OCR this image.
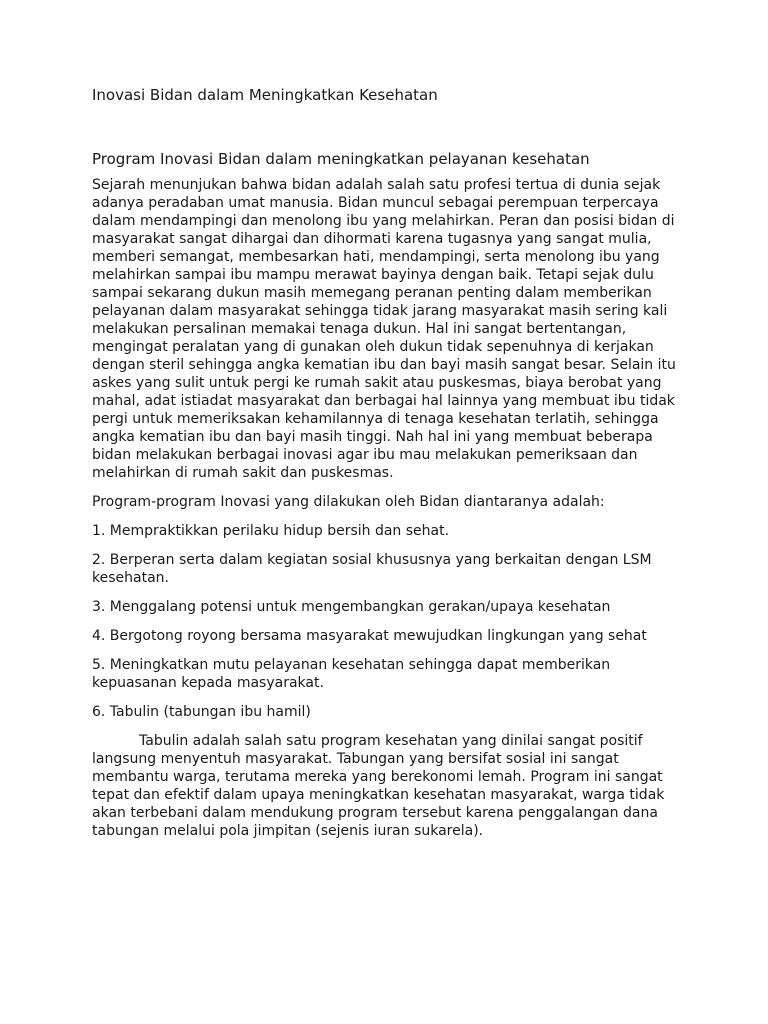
Inovasi Bidan dalam Meningkatkan Kesehatan
Program Inovasi Bidan dalam meningkatkan pelayanan kesehatan

Sejarah menunjukan bahwa bidan adalah salah satu profesi tertua di dunia sejak adanya peradaban umat manusia. Bidan muncul sebagai perempuan terpercaya dalam mendampingi dan menolong ibu yang melahirkan. Peran dan posisi bidan di masyarakat sangat dihargai dan dihormati karena tugasnya yang sangat mulia, memberi semangat, membesarkan hati, mendampingi, serta menolong ibu yang melahirkan sampai ibu mampu merawat bayinya dengan baik. Tetapi sejak dulu sampai sekarang dukun masih memegang peranan penting dalam memberikan pelayanan dalam masyarakat sehingga tidak jarang masyarakat masih sering kali melakukan persalinan memakai tenaga dukun. Hal ini sangat bertentangan, mengingat peralatan yang di gunakan oleh dukun tidak sepenuhnya di kerjakan dengan steril sehingga angka kematian ibu dan bayi masih sangat besar. Selain itu askes yang sulit untuk pergi ke rumah sakit atau puskesmas, biaya berobat yang mahal, adat istiadat masyarakat dan berbagai hal lainnya yang membuat ibu tidak pergi untuk memeriksakan kehamilannya di tenaga kesehatan terlatih, sehingga angka kematian ibu dan bayi masih tinggi. Nah hal ini yang membuat beberapa bidan melakukan berbagai inovasi agar ibu mau melakukan pemeriksaan dan melahirkan di rumah sakit dan puskesmas.

Program-program Inovasi yang dilakukan oleh Bidan diantaranya adalah:

1. Mempraktikkan perilaku hidup bersih dan sehat.
2. Berperan serta dalam kegiatan sosial khususnya yang berkaitan dengan LSM kesehatan.
3. Menggalang potensi untuk mengembangkan gerakan/upaya kesehatan
4. Bergotong royong bersama masyarakat mewujudkan lingkungan yang sehat
5. Meningkatkan mutu pelayanan kesehatan sehingga dapat memberikan kepuasanan kepada masyarakat.
6. Tabulin (tabungan ibu hamil)

Tabulin adalah salah satu program kesehatan yang dinilai sangat positif langsung menyentuh masyarakat. Tabungan yang bersifat sosial ini sangat membantu warga, terutama mereka yang berekonomi lemah. Program ini sangat tepat dan efektif dalam upaya meningkatkan kesehatan masyarakat, warga tidak akan terbebani dalam mendukung program tersebut karena penggalangan dana tabungan melalui pola jimpitan (sejenis iuran sukarela).
